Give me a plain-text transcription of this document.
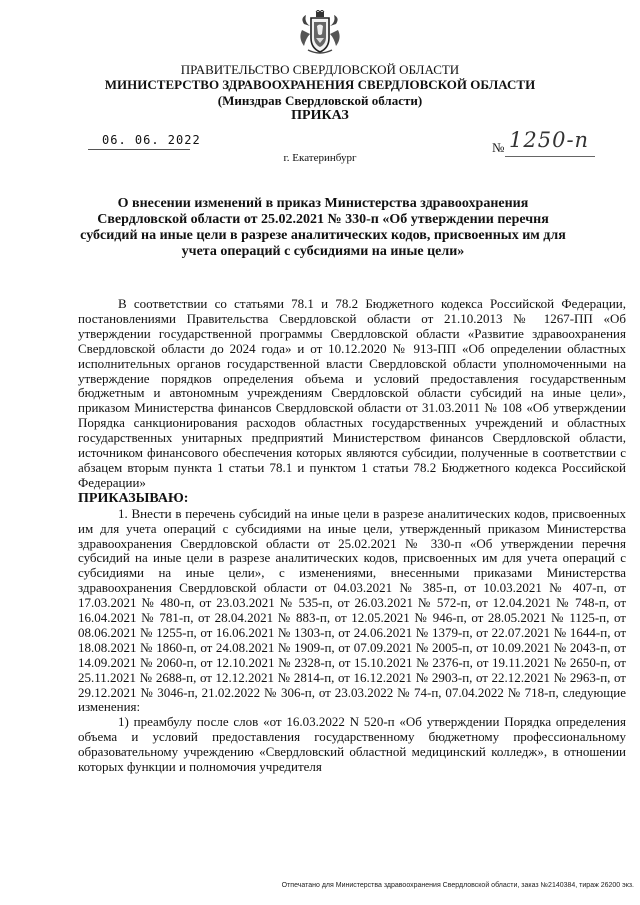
ПРАВИТЕЛЬСТВО СВЕРДЛОВСКОЙ ОБЛАСТИ
МИНИСТЕРСТВО ЗДРАВООХРАНЕНИЯ СВЕРДЛОВСКОЙ ОБЛАСТИ
(Минздрав Свердловской области)
ПРИКАЗ
06. 06. 2022	№ 1250-п
г. Екатеринбург
О внесении изменений в приказ Министерства здравоохранения Свердловской области от 25.02.2021 № 330-п «Об утверждении перечня субсидий на иные цели в разрезе аналитических кодов, присвоенных им для учета операций с субсидиями на иные цели»

В соответствии со статьями 78.1 и 78.2 Бюджетного кодекса Российской Федерации, постановлениями Правительства Свердловской области от 21.10.2013 № 1267-ПП «Об утверждении государственной программы Свердловской области «Развитие здравоохранения Свердловской области до 2024 года» и от 10.12.2020 № 913-ПП «Об определении областных исполнительных органов государственной власти Свердловской области уполномоченными на утверждение порядков определения объема и условий предоставления государственным бюджетным и автономным учреждениям Свердловской области субсидий на иные цели», приказом Министерства финансов Свердловской области от 31.03.2011 № 108 «Об утверждении Порядка санкционирования расходов областных государственных учреждений и областных государственных унитарных предприятий Министерством финансов Свердловской области, источником финансового обеспечения которых являются субсидии, полученные в соответствии с абзацем вторым пункта 1 статьи 78.1 и пунктом 1 статьи 78.2 Бюджетного кодекса Российской Федерации»

ПРИКАЗЫВАЮ:

1. Внести в перечень субсидий на иные цели в разрезе аналитических кодов, присвоенных им для учета операций с субсидиями на иные цели, утвержденный приказом Министерства здравоохранения Свердловской области от 25.02.2021 № 330-п «Об утверждении перечня субсидий на иные цели в разрезе аналитических кодов, присвоенных им для учета операций с субсидиями на иные цели», с изменениями, внесенными приказами Министерства здравоохранения Свердловской области от 04.03.2021 № 385-п, от 10.03.2021 № 407-п, от 17.03.2021 № 480-п, от 23.03.2021 № 535-п, от 26.03.2021 № 572-п, от 12.04.2021 № 748-п, от 16.04.2021 № 781-п, от 28.04.2021 № 883-п, от 12.05.2021 № 946-п, от 28.05.2021 № 1125-п, от 08.06.2021 № 1255-п, от 16.06.2021 № 1303-п, от 24.06.2021 № 1379-п, от 22.07.2021 № 1644-п, от 18.08.2021 № 1860-п, от 24.08.2021 № 1909-п, от 07.09.2021 № 2005-п, от 10.09.2021 № 2043-п, от 14.09.2021 № 2060-п, от 12.10.2021 № 2328-п, от 15.10.2021 № 2376-п, от 19.11.2021 № 2650-п, от 25.11.2021 № 2688-п, от 12.12.2021 № 2814-п, от 16.12.2021 № 2903-п, от 22.12.2021 № 2963-п, от 29.12.2021 № 3046-п, 21.02.2022 № 306-п, от 23.03.2022 № 74-п, 07.04.2022 № 718-п, следующие изменения:

1) преамбулу после слов «от 16.03.2022 N 520-п «Об утверждении Порядка определения объема и условий предоставления государственному бюджетному профессиональному образовательному учреждению «Свердловский областной медицинский колледж», в отношении которых функции и полномочия учредителя

Отпечатано для Министерства здравоохранения Свердловской области, заказ №2140384, тираж 26200 экз.
